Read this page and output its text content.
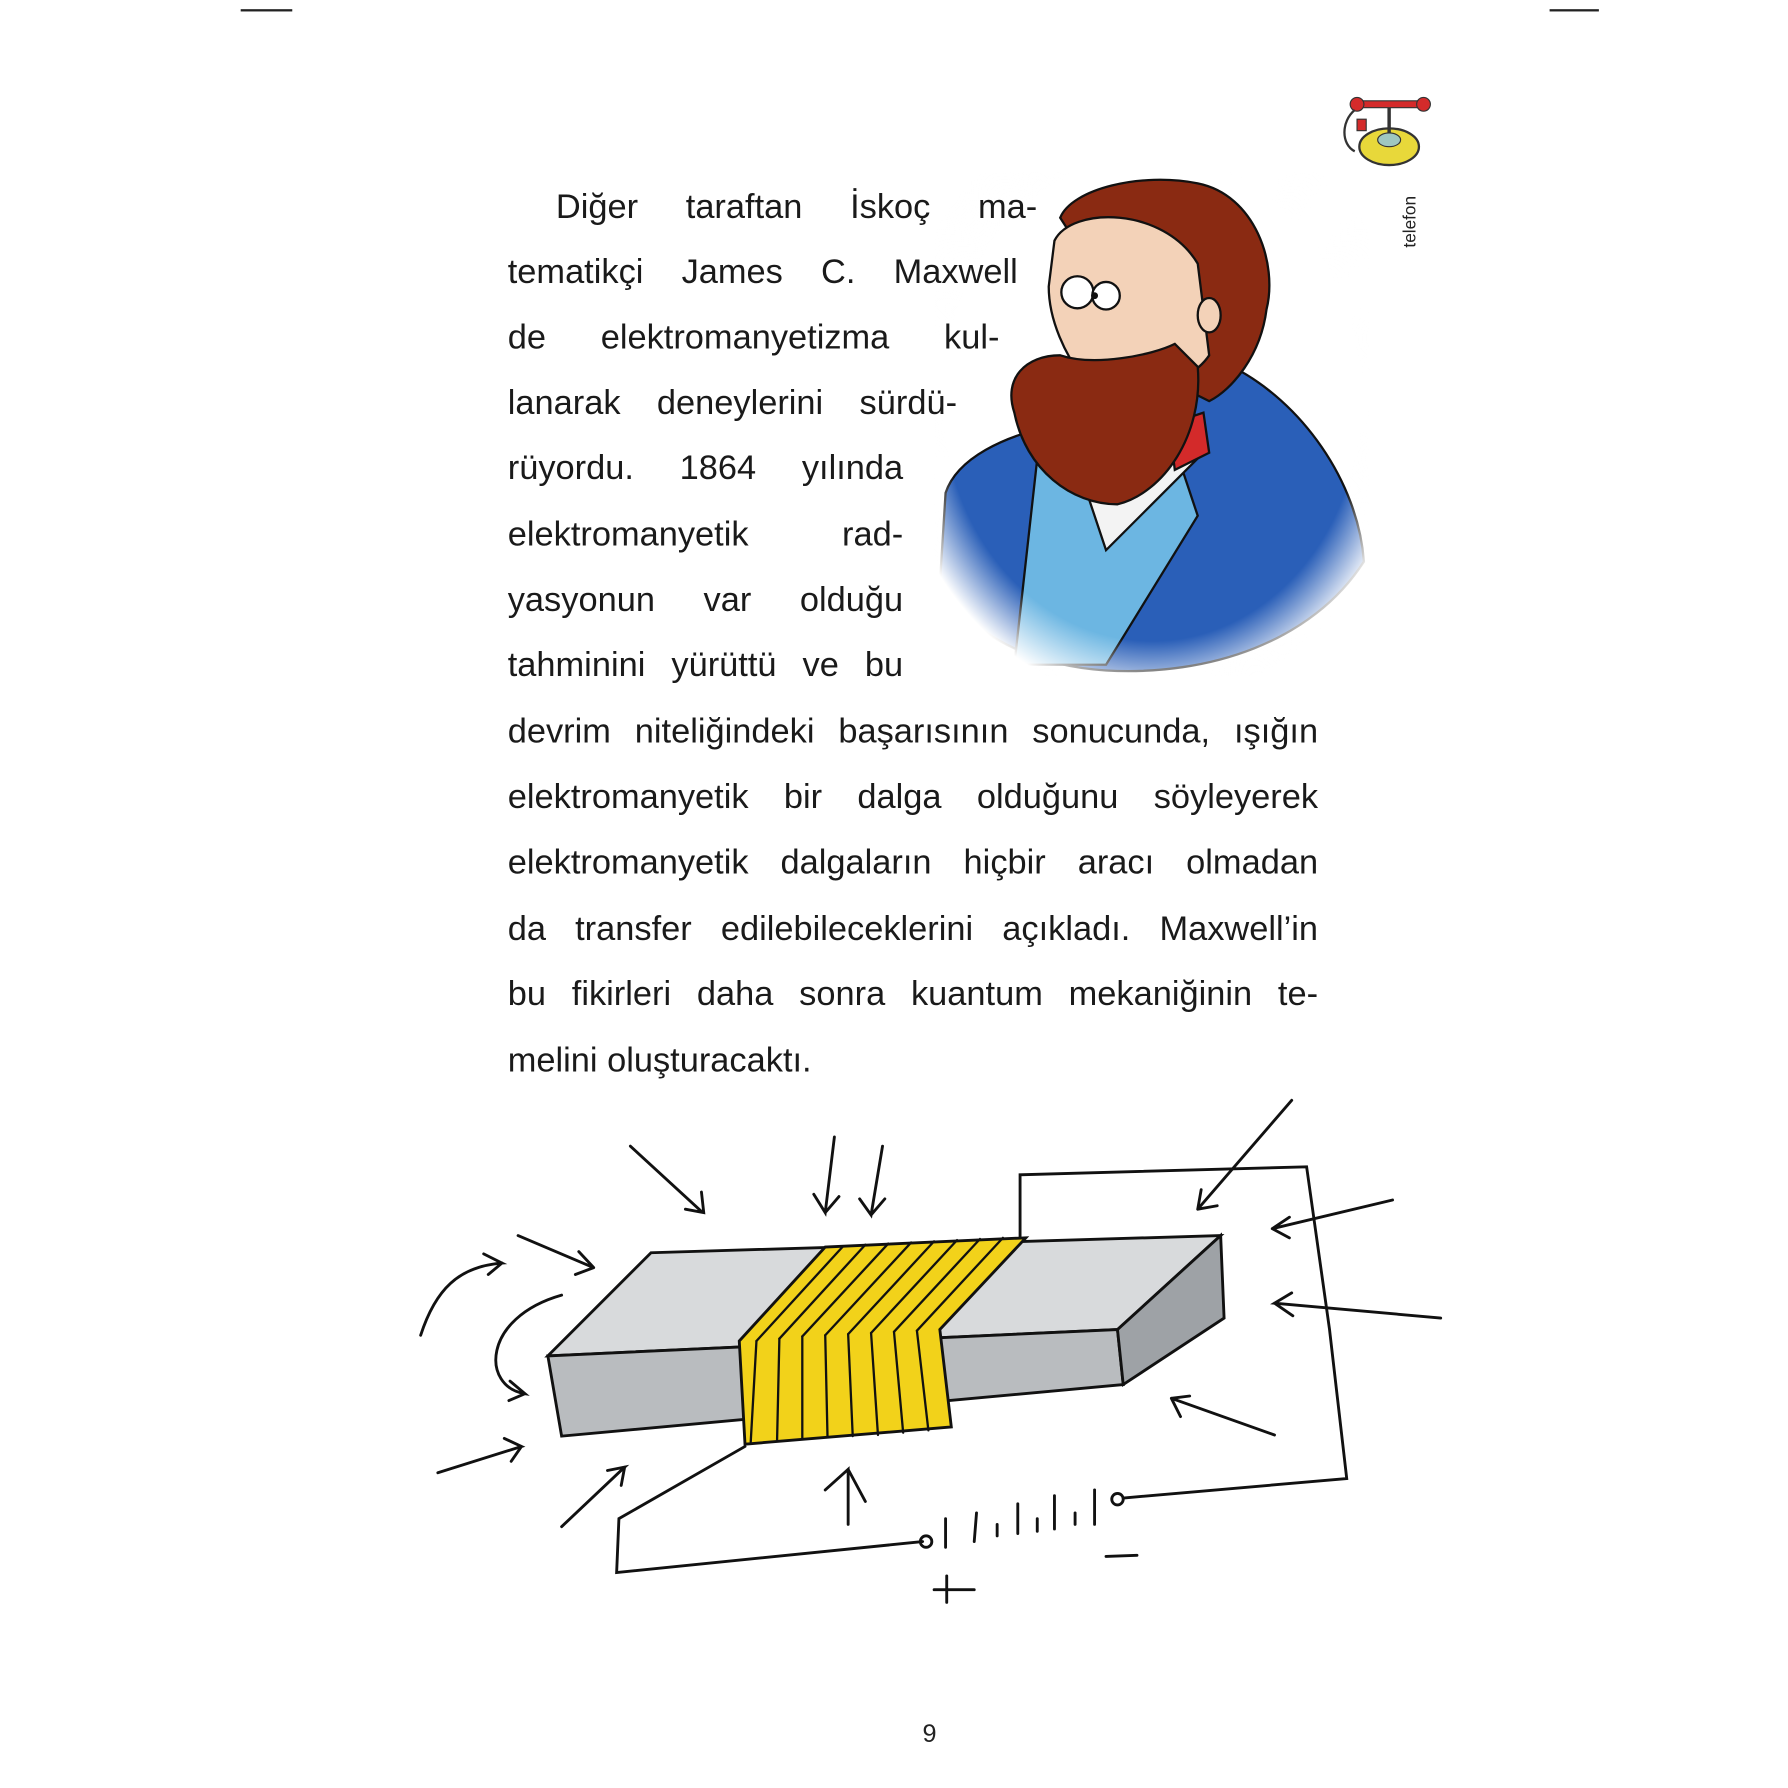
telefon
Diğer taraftan İskoç ma-
tematikçi James C. Maxwell
de elektromanyetizma kul-
lanarak deneylerini sürdü-
rüyordu. 1864 yılında
elektromanyetik rad-
yasyonun var olduğu
tahminini yürüttü ve bu
devrim niteliğindeki başarısının sonucunda, ışığın
elektromanyetik bir dalga olduğunu söyleyerek
elektromanyetik dalgaların hiçbir aracı olmadan
da transfer edilebileceklerini açıkladı. Maxwell’in
bu fikirleri daha sonra kuantum mekaniğinin te-
melini oluşturacaktı.
+
−
9
